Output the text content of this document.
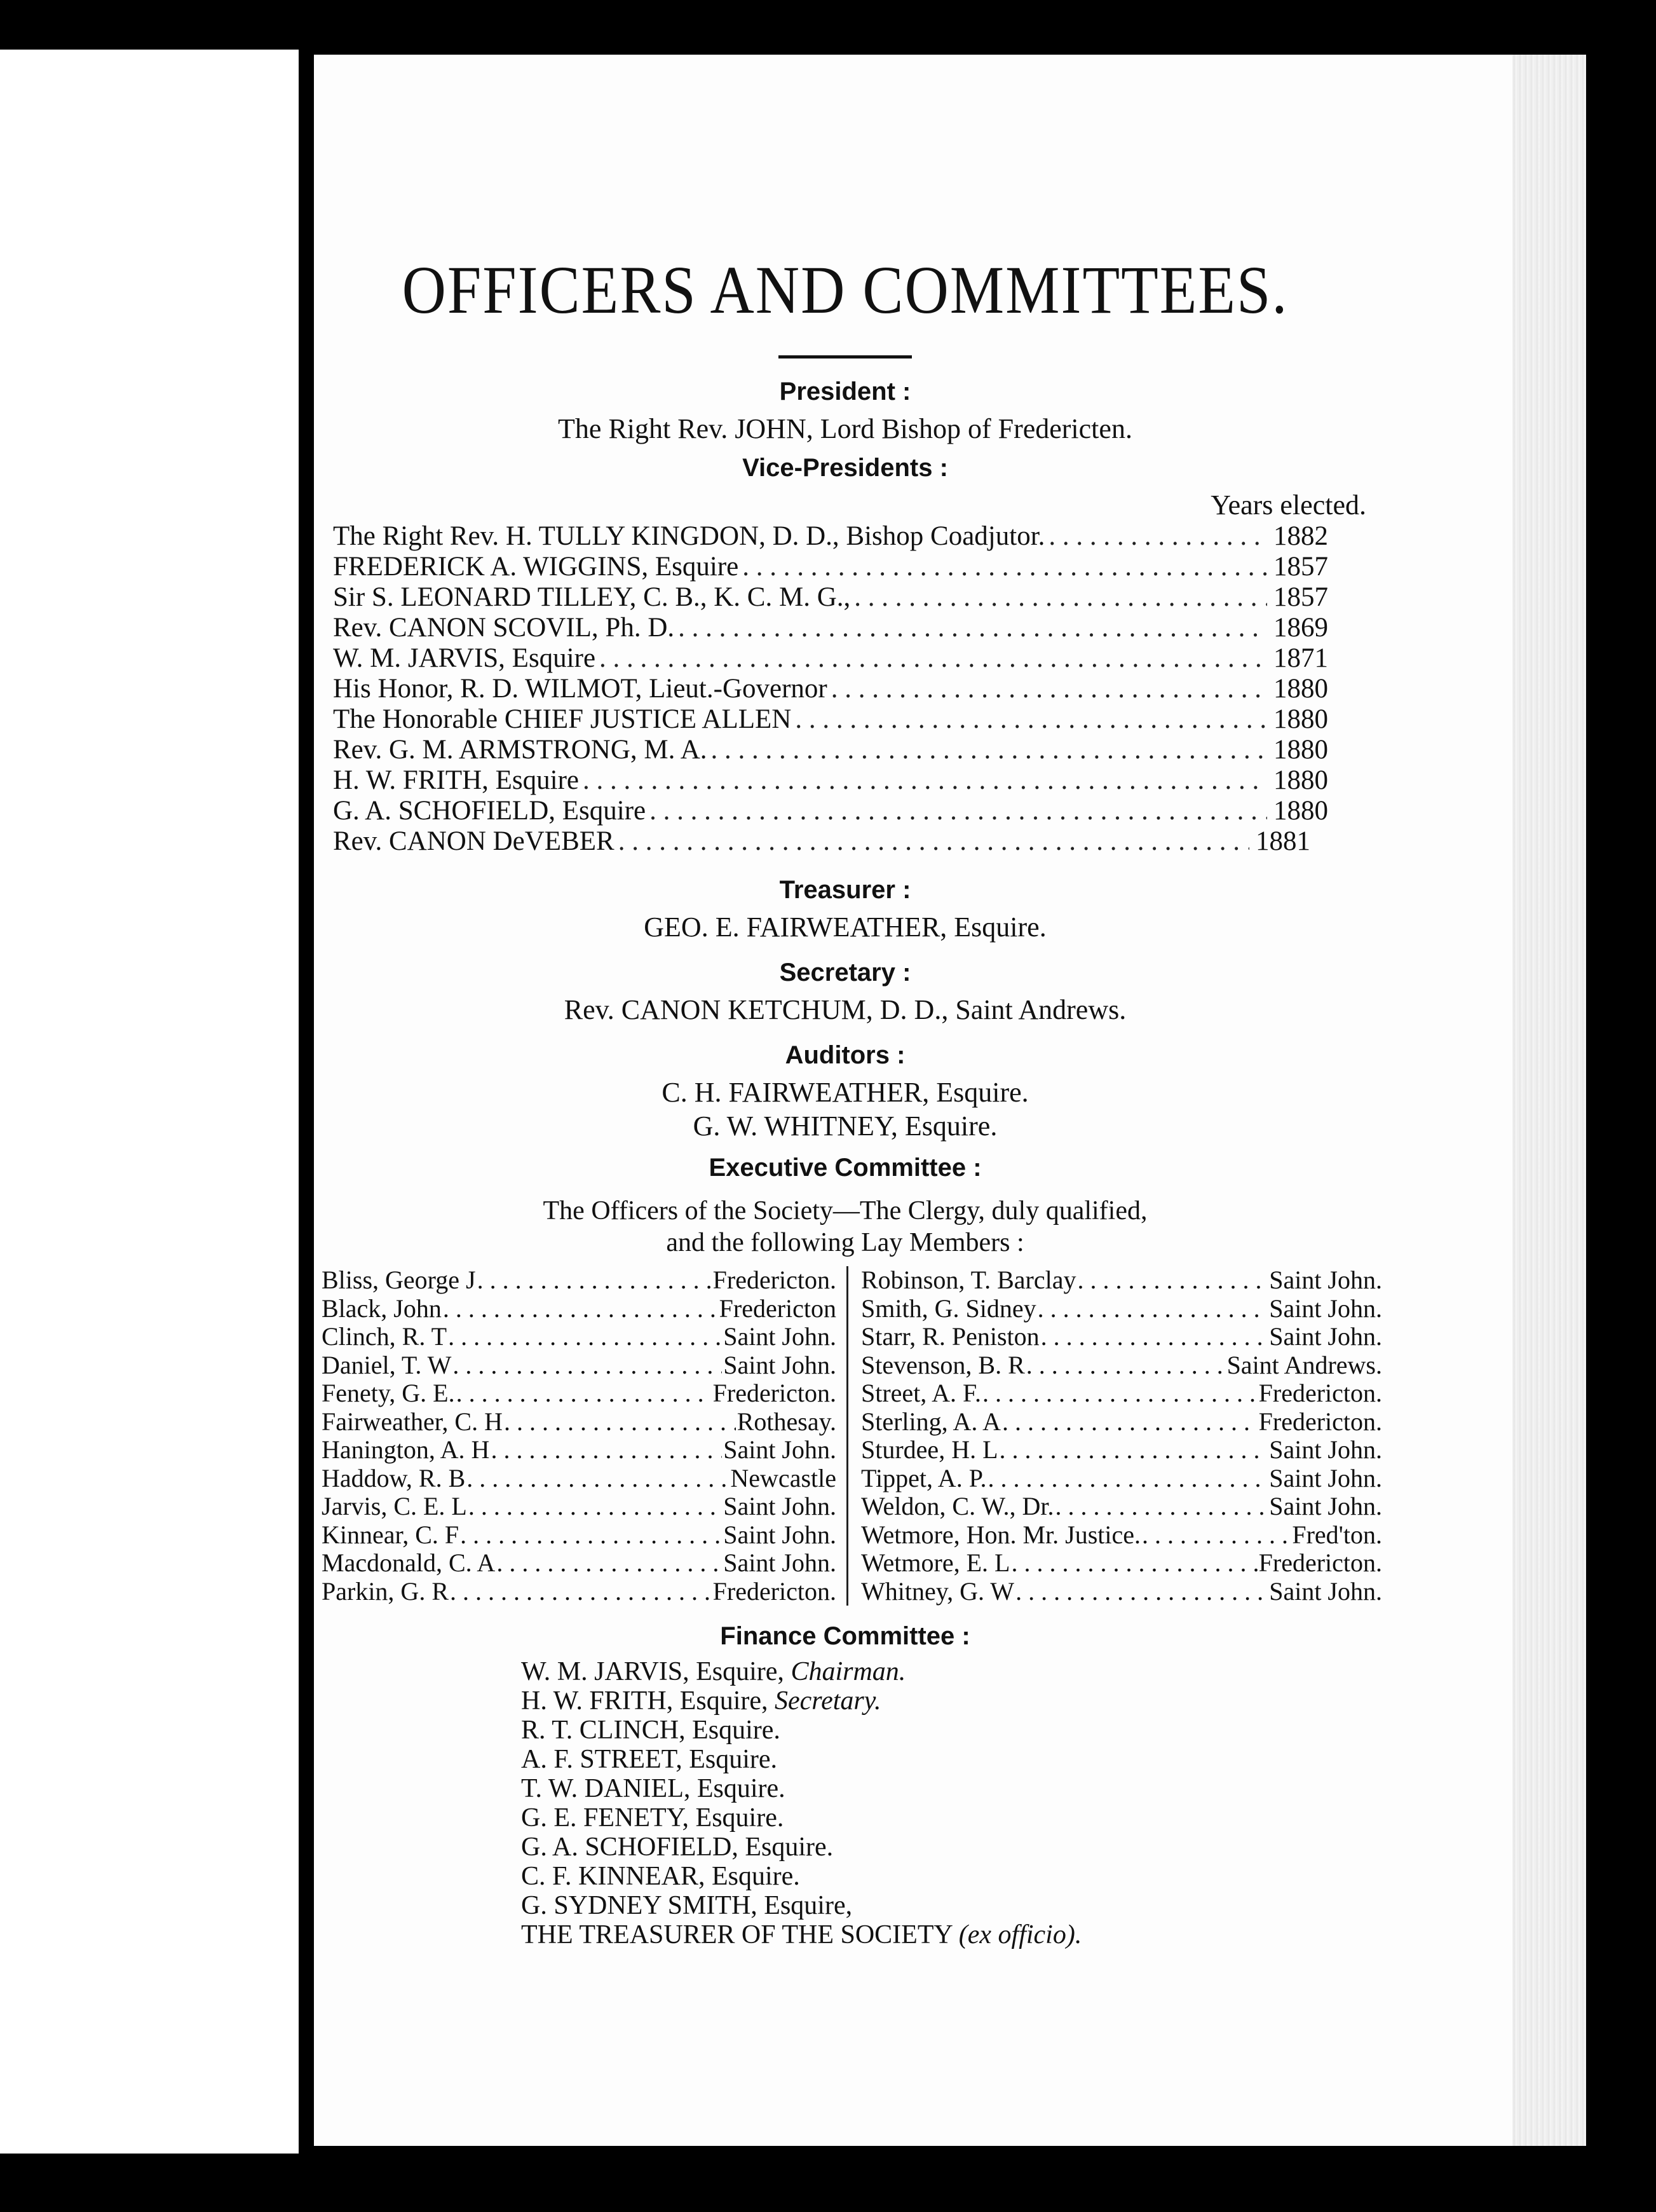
OFFICERS AND COMMITTEES.
President :
The Right Rev. JOHN, Lord Bishop of Fredericten.
Vice-Presidents :
Years elected.
The Right Rev. H. TULLY KINGDON, D. D., Bishop Coadjutor. . . .	1882
FREDERICK A. WIGGINS, Esquire . . .	1857
Sir S. LEONARD TILLEY, C. B., K. C. M. G., . . .	1857
Rev. CANON SCOVIL, Ph. D. . . .	1869
W. M. JARVIS, Esquire . . .	1871
His Honor, R. D. WILMOT, Lieut.-Governor . . .	1880
The Honorable CHIEF JUSTICE ALLEN . . .	1880
Rev. G. M. ARMSTRONG, M. A. . . .	1880
H. W. FRITH, Esquire . . .	1880
G. A. SCHOFIELD, Esquire . . .	1880
Rev. CANON DeVEBER . . .	1881
Treasurer :
GEO. E. FAIRWEATHER, Esquire.
Secretary :
Rev. CANON KETCHUM, D. D., Saint Andrews.
Auditors :
C. H. FAIRWEATHER, Esquire.
G. W. WHITNEY, Esquire.
Executive Committee :
The Officers of the Society—The Clergy, duly qualified,
and the following Lay Members :
Bliss, George J . . .	Fredericton.
Black, John . . .	Fredericton
Clinch, R. T . . .	Saint John.
Daniel, T. W . . .	Saint John.
Fenety, G. E. . . .	Fredericton.
Fairweather, C. H . . .	Rothesay.
Hanington, A. H . . .	Saint John.
Haddow, R. B . . .	Newcastle
Jarvis, C. E. L . . .	Saint John.
Kinnear, C. F . . .	Saint John.
Macdonald, C. A . . .	Saint John.
Parkin, G. R . . .	Fredericton.
Robinson, T. Barclay . . .	Saint John.
Smith, G. Sidney . . .	Saint John.
Starr, R. Peniston . . .	Saint John.
Stevenson, B. R . . .	Saint Andrews.
Street, A. F. . . .	Fredericton.
Sterling, A. A . . .	Fredericton.
Sturdee, H. L . . .	Saint John.
Tippet, A. P. . . .	Saint John.
Weldon, C. W., Dr. . . .	Saint John.
Wetmore, Hon. Mr. Justice. . . .	Fred'ton.
Wetmore, E. L . . .	Fredericton.
Whitney, G. W . . .	Saint John.
Finance Committee :
W. M. JARVIS, Esquire, Chairman.
H. W. FRITH, Esquire, Secretary.
R. T. CLINCH, Esquire.
A. F. STREET, Esquire.
T. W. DANIEL, Esquire.
G. E. FENETY, Esquire.
G. A. SCHOFIELD, Esquire.
C. F. KINNEAR, Esquire.
G. SYDNEY SMITH, Esquire,
THE TREASURER OF THE SOCIETY (ex officio).
